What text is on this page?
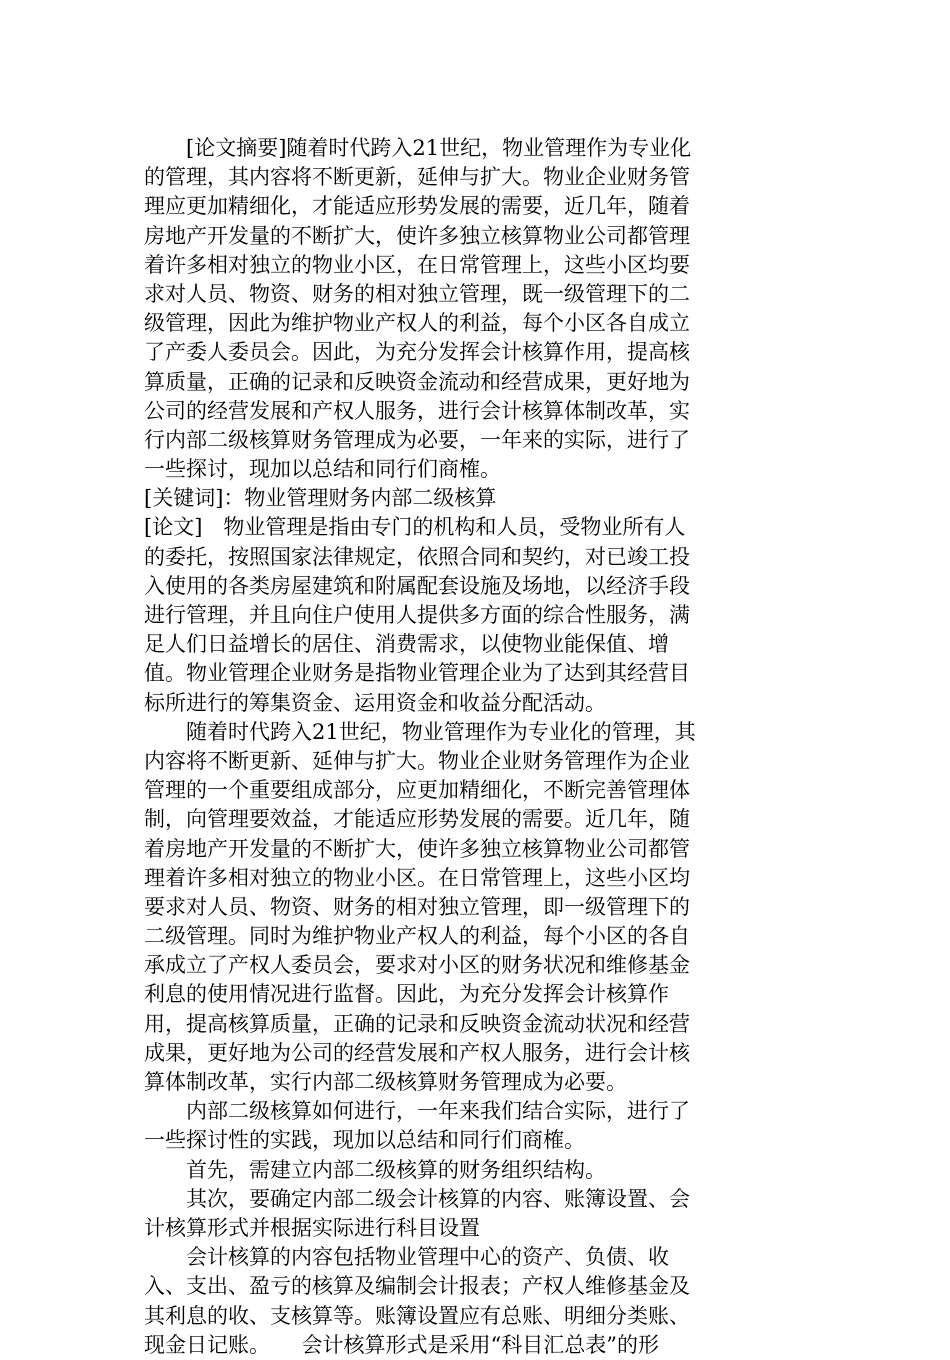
[论文摘要]随着时代跨入21世纪，物业管理作为专业化
的管理，其内容将不断更新，延伸与扩大。物业企业财务管
理应更加精细化，才能适应形势发展的需要，近几年，随着
房地产开发量的不断扩大，使许多独立核算物业公司都管理
着许多相对独立的物业小区，在日常管理上，这些小区均要
求对人员、物资、财务的相对独立管理，既一级管理下的二
级管理，因此为维护物业产权人的利益，每个小区各自成立
了产委人委员会。因此，为充分发挥会计核算作用，提高核
算质量，正确的记录和反映资金流动和经营成果，更好地为
公司的经营发展和产权人服务，进行会计核算体制改革，实
行内部二级核算财务管理成为必要，一年来的实际，进行了
一些探讨，现加以总结和同行们商榷。
[关键词]：物业管理财务内部二级核算
[论文]　物业管理是指由专门的机构和人员，受物业所有人
的委托，按照国家法律规定，依照合同和契约，对已竣工投
入使用的各类房屋建筑和附属配套设施及场地，以经济手段
进行管理，并且向住户使用人提供多方面的综合性服务，满
足人们日益增长的居住、消费需求，以使物业能保值、增
值。物业管理企业财务是指物业管理企业为了达到其经营目
标所进行的筹集资金、运用资金和收益分配活动。
随着时代跨入21世纪，物业管理作为专业化的管理，其
内容将不断更新、延伸与扩大。物业企业财务管理作为企业
管理的一个重要组成部分，应更加精细化，不断完善管理体
制，向管理要效益，才能适应形势发展的需要。近几年，随
着房地产开发量的不断扩大，使许多独立核算物业公司都管
理着许多相对独立的物业小区。在日常管理上，这些小区均
要求对人员、物资、财务的相对独立管理，即一级管理下的
二级管理。同时为维护物业产权人的利益，每个小区的各自
承成立了产权人委员会，要求对小区的财务状况和维修基金
利息的使用情况进行监督。因此，为充分发挥会计核算作
用，提高核算质量，正确的记录和反映资金流动状况和经营
成果，更好地为公司的经营发展和产权人服务，进行会计核
算体制改革，实行内部二级核算财务管理成为必要。
内部二级核算如何进行，一年来我们结合实际，进行了
一些探讨性的实践，现加以总结和同行们商榷。
首先，需建立内部二级核算的财务组织结构。
其次，要确定内部二级会计核算的内容、账簿设置、会
计核算形式并根据实际进行科目设置
会计核算的内容包括物业管理中心的资产、负债、收
入、支出、盈亏的核算及编制会计报表；产权人维修基金及
其利息的收、支核算等。账簿设置应有总账、明细分类账、
现金日记账。　　会计核算形式是采用“科目汇总表”的形
